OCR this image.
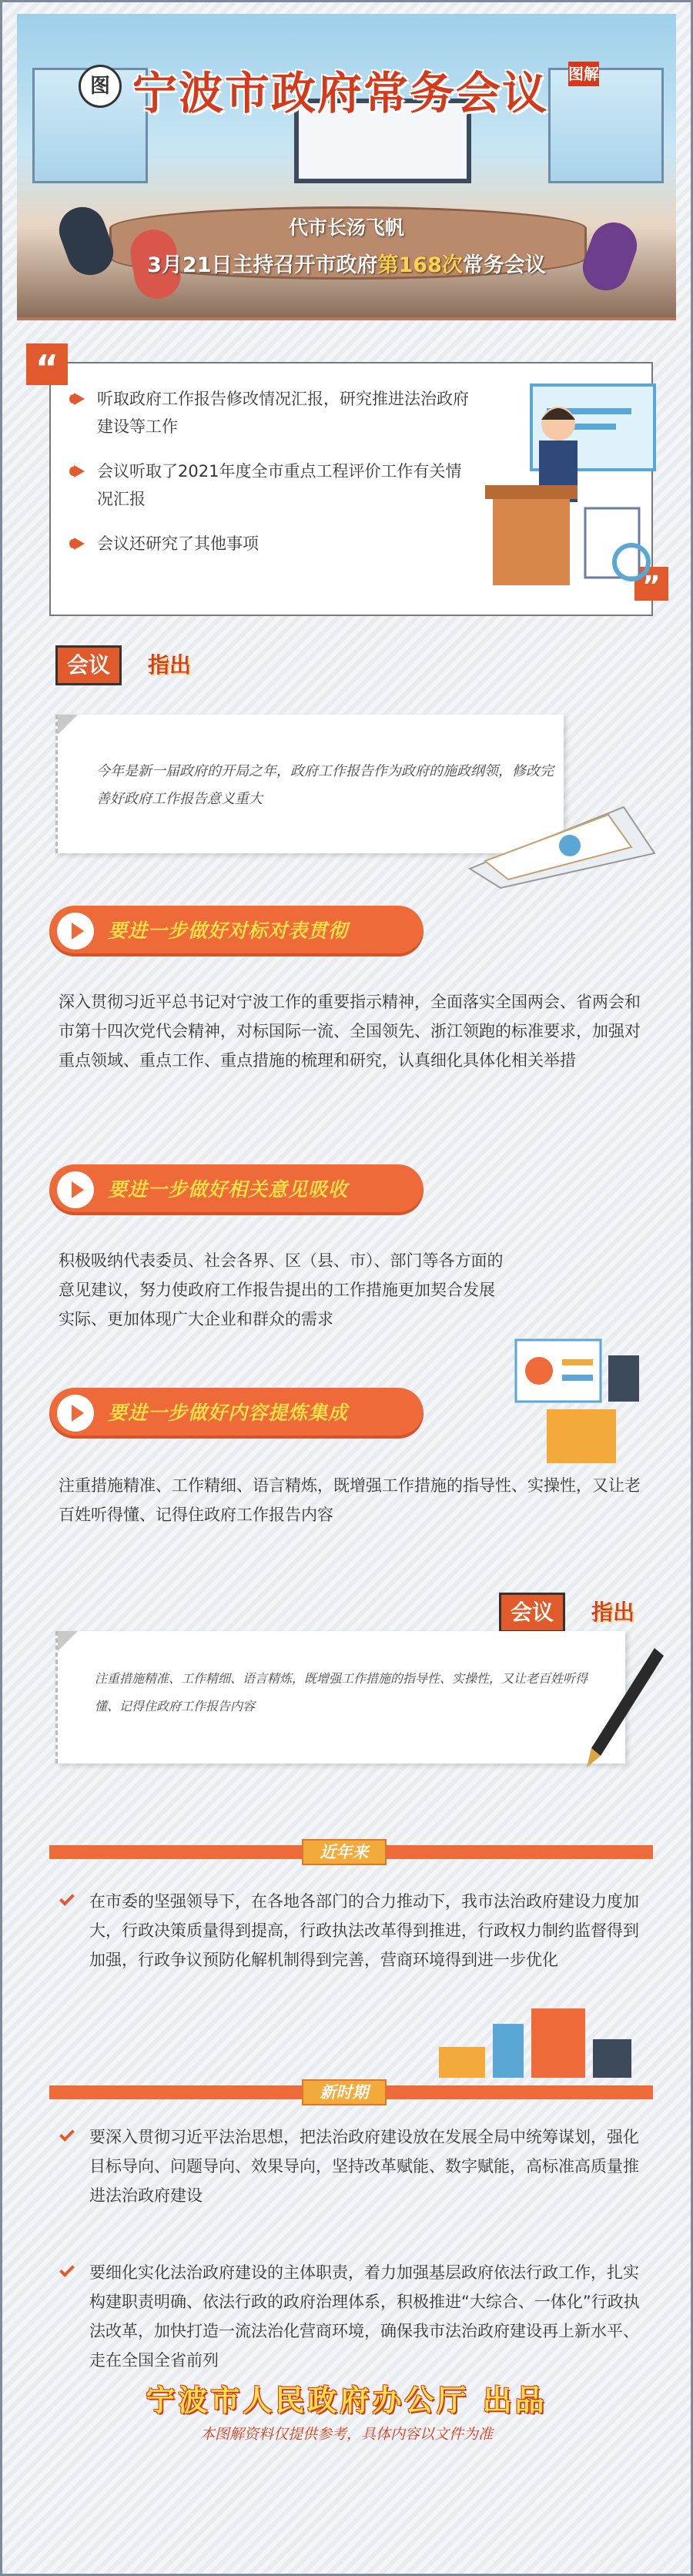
图 宁波市政府常务会议	图解
代市长汤飞帆
3月21日主持召开市政府第168次常务会议
“
”
听取政府工作报告修改情况汇报，研究推进法治政府建设等工作
会议听取了2021年度全市重点工程评价工作有关情况汇报
会议还研究了其他事项
会议	指出
今年是新一届政府的开局之年，政府工作报告作为政府的施政纲领，修改完善好政府工作报告意义重大
要进一步做好对标对表贯彻
深入贯彻习近平总书记对宁波工作的重要指示精神，全面落实全国两会、省两会和市第十四次党代会精神，对标国际一流、全国领先、浙江领跑的标准要求，加强对重点领域、重点工作、重点措施的梳理和研究，认真细化具体化相关举措
要进一步做好相关意见吸收
积极吸纳代表委员、社会各界、区（县、市）、部门等各方面的意见建议，努力使政府工作报告提出的工作措施更加契合发展实际、更加体现广大企业和群众的需求
要进一步做好内容提炼集成
注重措施精准、工作精细、语言精炼，既增强工作措施的指导性、实操性，又让老百姓听得懂、记得住政府工作报告内容
会议	指出
注重措施精准、工作精细、语言精炼，既增强工作措施的指导性、实操性，又让老百姓听得懂、记得住政府工作报告内容
近年来
在市委的坚强领导下，在各地各部门的合力推动下，我市法治政府建设力度加大，行政决策质量得到提高，行政执法改革得到推进，行政权力制约监督得到加强，行政争议预防化解机制得到完善，营商环境得到进一步优化
新时期
要深入贯彻习近平法治思想，把法治政府建设放在发展全局中统筹谋划，强化目标导向、问题导向、效果导向，坚持改革赋能、数字赋能，高标准高质量推进法治政府建设
要细化实化法治政府建设的主体职责，着力加强基层政府依法行政工作，扎实构建职责明确、依法行政的政府治理体系，积极推进“大综合、一体化”行政执法改革，加快打造一流法治化营商环境，确保我市法治政府建设再上新水平、走在全国全省前列
宁波市人民政府办公厅 出品
本图解资料仅提供参考，具体内容以文件为准
